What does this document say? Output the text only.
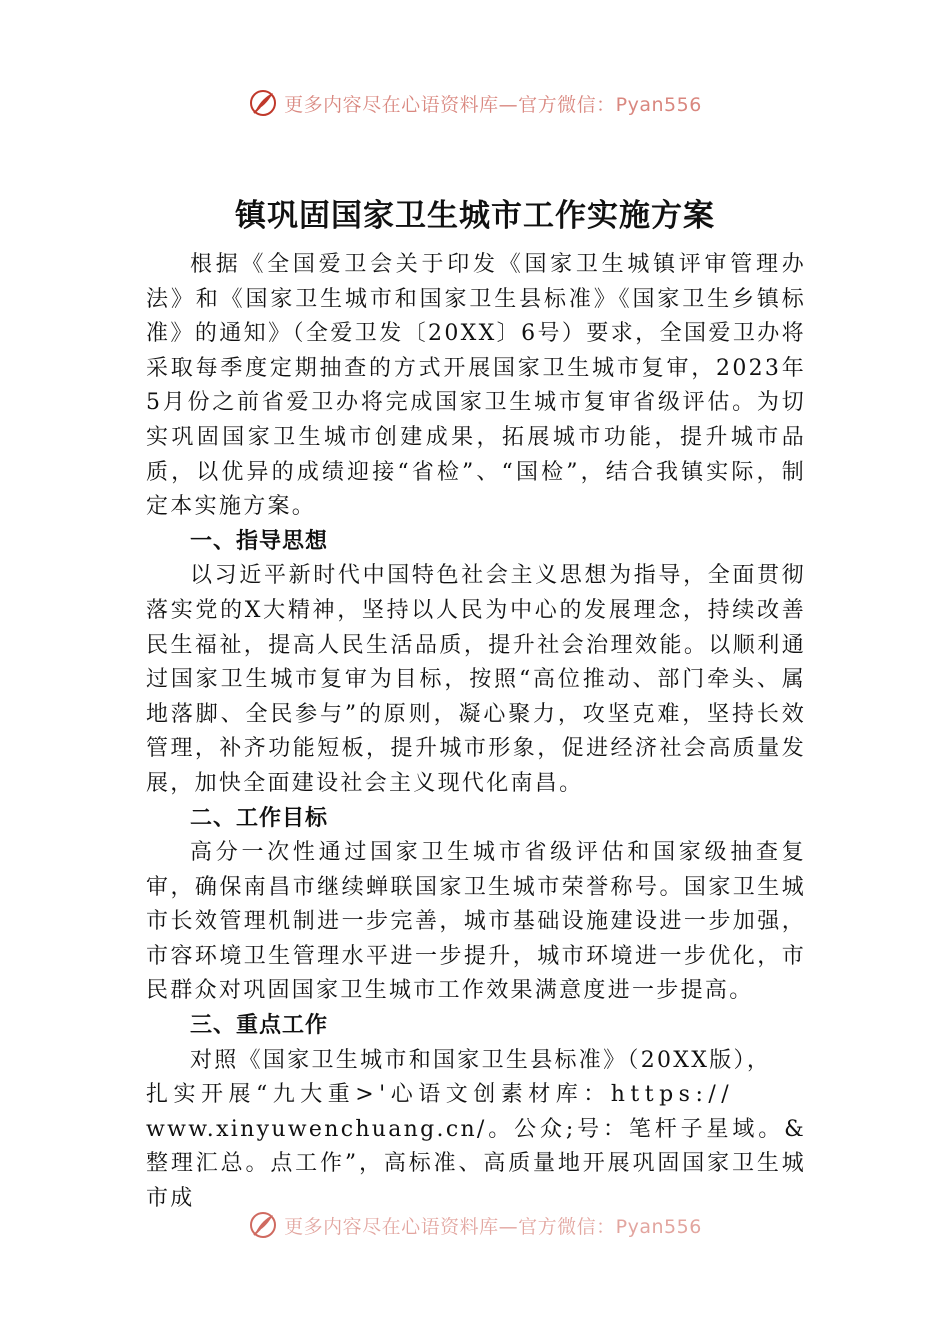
更多内容尽在心语资料库—官方微信：Pyan556
镇巩固国家卫生城市工作实施方案

根据《全国爱卫会关于印发《国家卫生城镇评审管理办法》和《国家卫生城市和国家卫生县标准》《国家卫生乡镇标准》的通知》（全爱卫发〔20XX〕6号）要求，全国爱卫办将采取每季度定期抽查的方式开展国家卫生城市复审，2023年5月份之前省爱卫办将完成国家卫生城市复审省级评估。为切实巩固国家卫生城市创建成果，拓展城市功能，提升城市品质，以优异的成绩迎接“省检”、“国检”，结合我镇实际，制定本实施方案。

一、指导思想

以习近平新时代中国特色社会主义思想为指导，全面贯彻落实党的X大精神，坚持以人民为中心的发展理念，持续改善民生福祉，提高人民生活品质，提升社会治理效能。以顺利通过国家卫生城市复审为目标，按照“高位推动、部门牵头、属地落脚、全民参与”的原则，凝心聚力，攻坚克难，坚持长效管理，补齐功能短板，提升城市形象，促进经济社会高质量发展，加快全面建设社会主义现代化南昌。

二、工作目标

高分一次性通过国家卫生城市省级评估和国家级抽查复审，确保南昌市继续蝉联国家卫生城市荣誉称号。国家卫生城市长效管理机制进一步完善，城市基础设施建设进一步加强，市容环境卫生管理水平进一步提升，城市环境进一步优化，市民群众对巩固国家卫生城市工作效果满意度进一步提高。

三、重点工作

对照《国家卫生城市和国家卫生县标准》（20XX版），

扎实开展“九大重>'心语文创素材库：https://

www.xinyuwenchuang.cn/。公众;号：笔杆子星域。&整理汇总。点工作”，高标准、高质量地开展巩固国家卫生城市成

更多内容尽在心语资料库—官方微信：Pyan556
